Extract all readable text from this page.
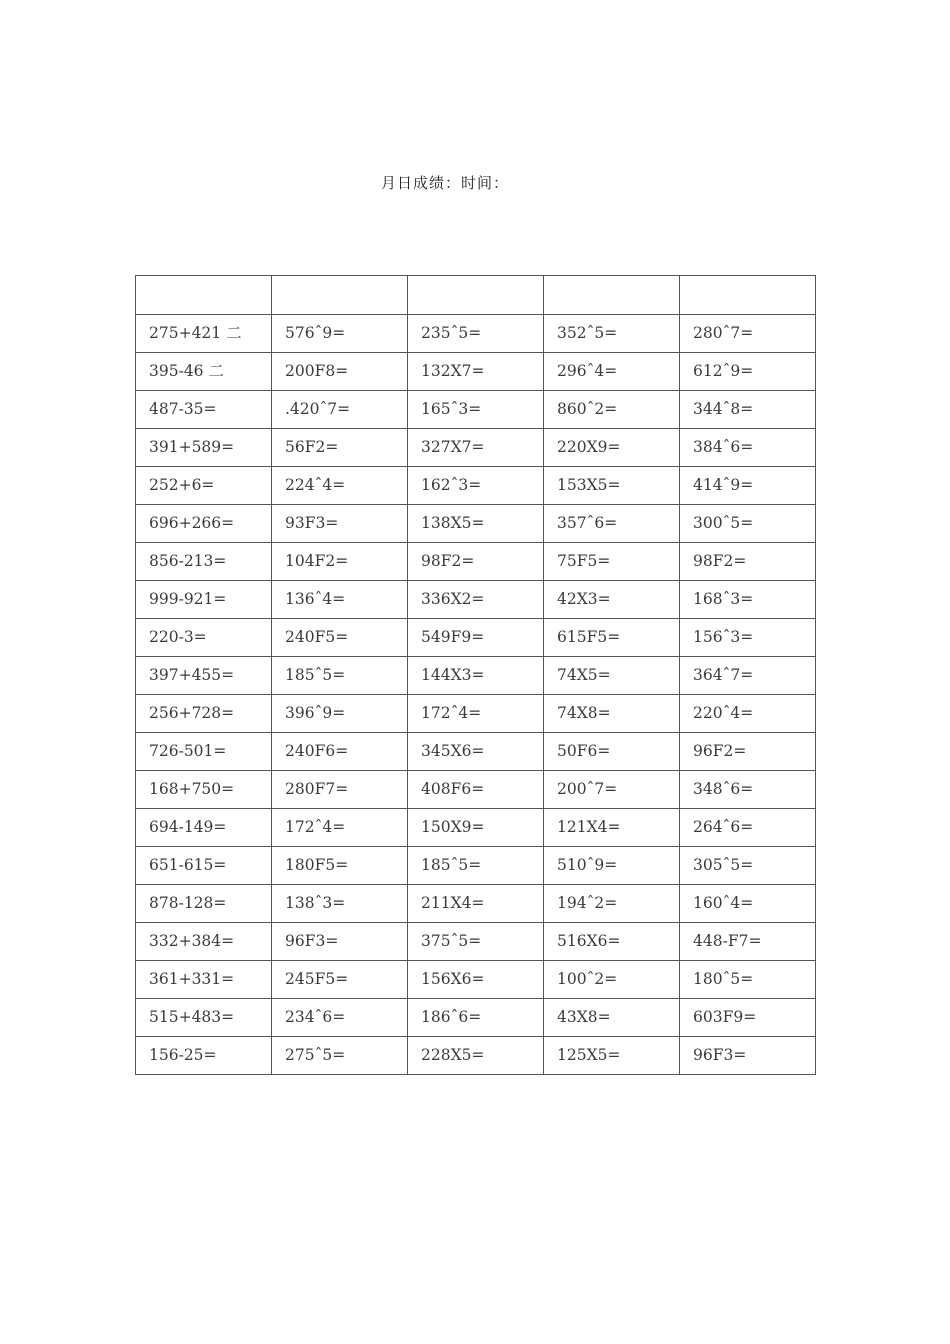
月日成绩：时间：

275+421 二	576ˆ9=	235ˆ5=	352ˆ5=	280ˆ7=
395-46 二	200F8=	132X7=	296ˆ4=	612ˆ9=
487-35=	.420ˆ7=	165ˆ3=	860ˆ2=	344ˆ8=
391+589=	56F2=	327X7=	220X9=	384ˆ6=
252+6=	224ˆ4=	162ˆ3=	153X5=	414ˆ9=
696+266=	93F3=	138X5=	357ˆ6=	300ˆ5=
856-213=	104F2=	98F2=	75F5=	98F2=
999-921=	136ˆ4=	336X2=	42X3=	168ˆ3=
220-3=	240F5=	549F9=	615F5=	156ˆ3=
397+455=	185ˆ5=	144X3=	74X5=	364ˆ7=
256+728=	396ˆ9=	172ˆ4=	74X8=	220ˆ4=
726-501=	240F6=	345X6=	50F6=	96F2=
168+750=	280F7=	408F6=	200ˆ7=	348ˆ6=
694-149=	172ˆ4=	150X9=	121X4=	264ˆ6=
651-615=	180F5=	185ˆ5=	510ˆ9=	305ˆ5=
878-128=	138ˆ3=	211X4=	194ˆ2=	160ˆ4=
332+384=	96F3=	375ˆ5=	516X6=	448-F7=
361+331=	245F5=	156X6=	100ˆ2=	180ˆ5=
515+483=	234ˆ6=	186ˆ6=	43X8=	603F9=
156-25=	275ˆ5=	228X5=	125X5=	96F3=
